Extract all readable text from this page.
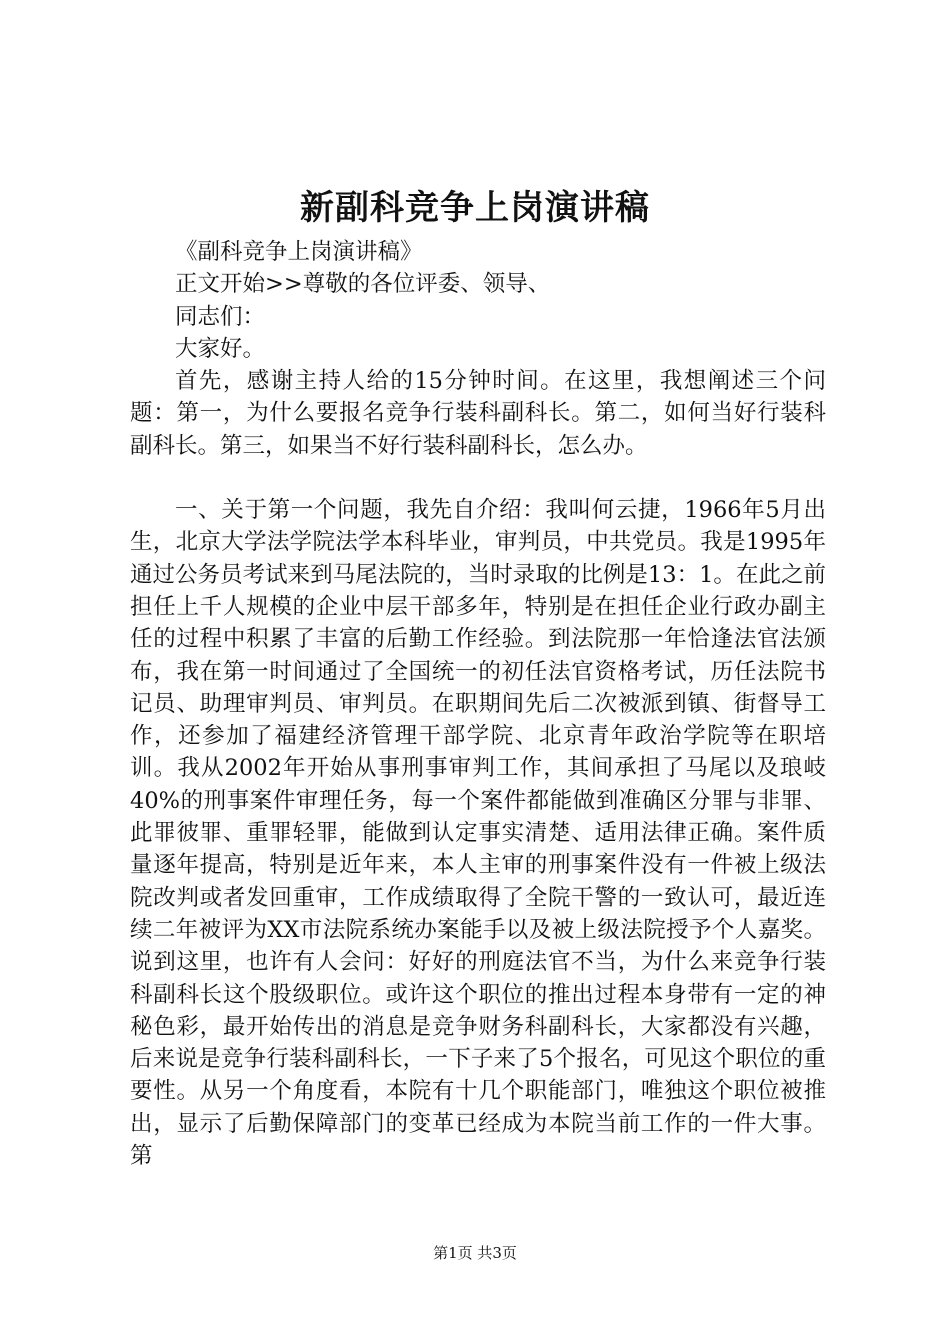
新副科竞争上岗演讲稿

《副科竞争上岗演讲稿》

正文开始>>尊敬的各位评委、领导、

同志们：

大家好。

首先，感谢主持人给的15分钟时间。在这里，我想阐述三个问题：第一，为什么要报名竞争行装科副科长。第二，如何当好行装科副科长。第三，如果当不好行装科副科长，怎么办。

一、关于第一个问题，我先自介绍：我叫何云捷，1966年5月出生，北京大学法学院法学本科毕业，审判员，中共党员。我是1995年通过公务员考试来到马尾法院的，当时录取的比例是13：1。在此之前担任上千人规模的企业中层干部多年，特别是在担任企业行政办副主任的过程中积累了丰富的后勤工作经验。到法院那一年恰逢法官法颁布，我在第一时间通过了全国统一的初任法官资格考试，历任法院书记员、助理审判员、审判员。在职期间先后二次被派到镇、街督导工作，还参加了福建经济管理干部学院、北京青年政治学院等在职培训。我从2002年开始从事刑事审判工作，其间承担了马尾以及琅岐40%的刑事案件审理任务，每一个案件都能做到准确区分罪与非罪、此罪彼罪、重罪轻罪，能做到认定事实清楚、适用法律正确。案件质量逐年提高，特别是近年来，本人主审的刑事案件没有一件被上级法院改判或者发回重审，工作成绩取得了全院干警的一致认可，最近连续二年被评为XX市法院系统办案能手以及被上级法院授予个人嘉奖。说到这里，也许有人会问：好好的刑庭法官不当，为什么来竞争行装科副科长这个股级职位。或许这个职位的推出过程本身带有一定的神秘色彩，最开始传出的消息是竞争财务科副科长，大家都没有兴趣，后来说是竞争行装科副科长，一下子来了5个报名，可见这个职位的重要性。从另一个角度看，本院有十几个职能部门，唯独这个职位被推出，显示了后勤保障部门的变革已经成为本院当前工作的一件大事。第

第1页 共3页
